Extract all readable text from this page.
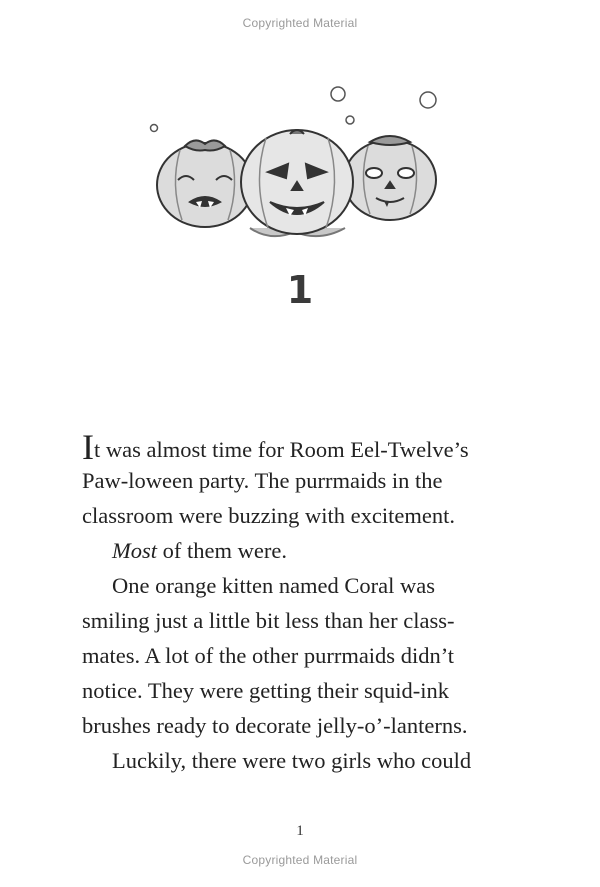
Copyrighted Material
1
It was almost time for Room Eel-Twelve’s
Paw-loween party. The purrmaids in the
classroom were buzzing with excitement.
Most of them were.
One orange kitten named Coral was
smiling just a little bit less than her class-
mates. A lot of the other purrmaids didn’t
notice. They were getting their squid-ink
brushes ready to decorate jelly-o’-lanterns.
Luckily, there were two girls who could
1
Copyrighted Material
